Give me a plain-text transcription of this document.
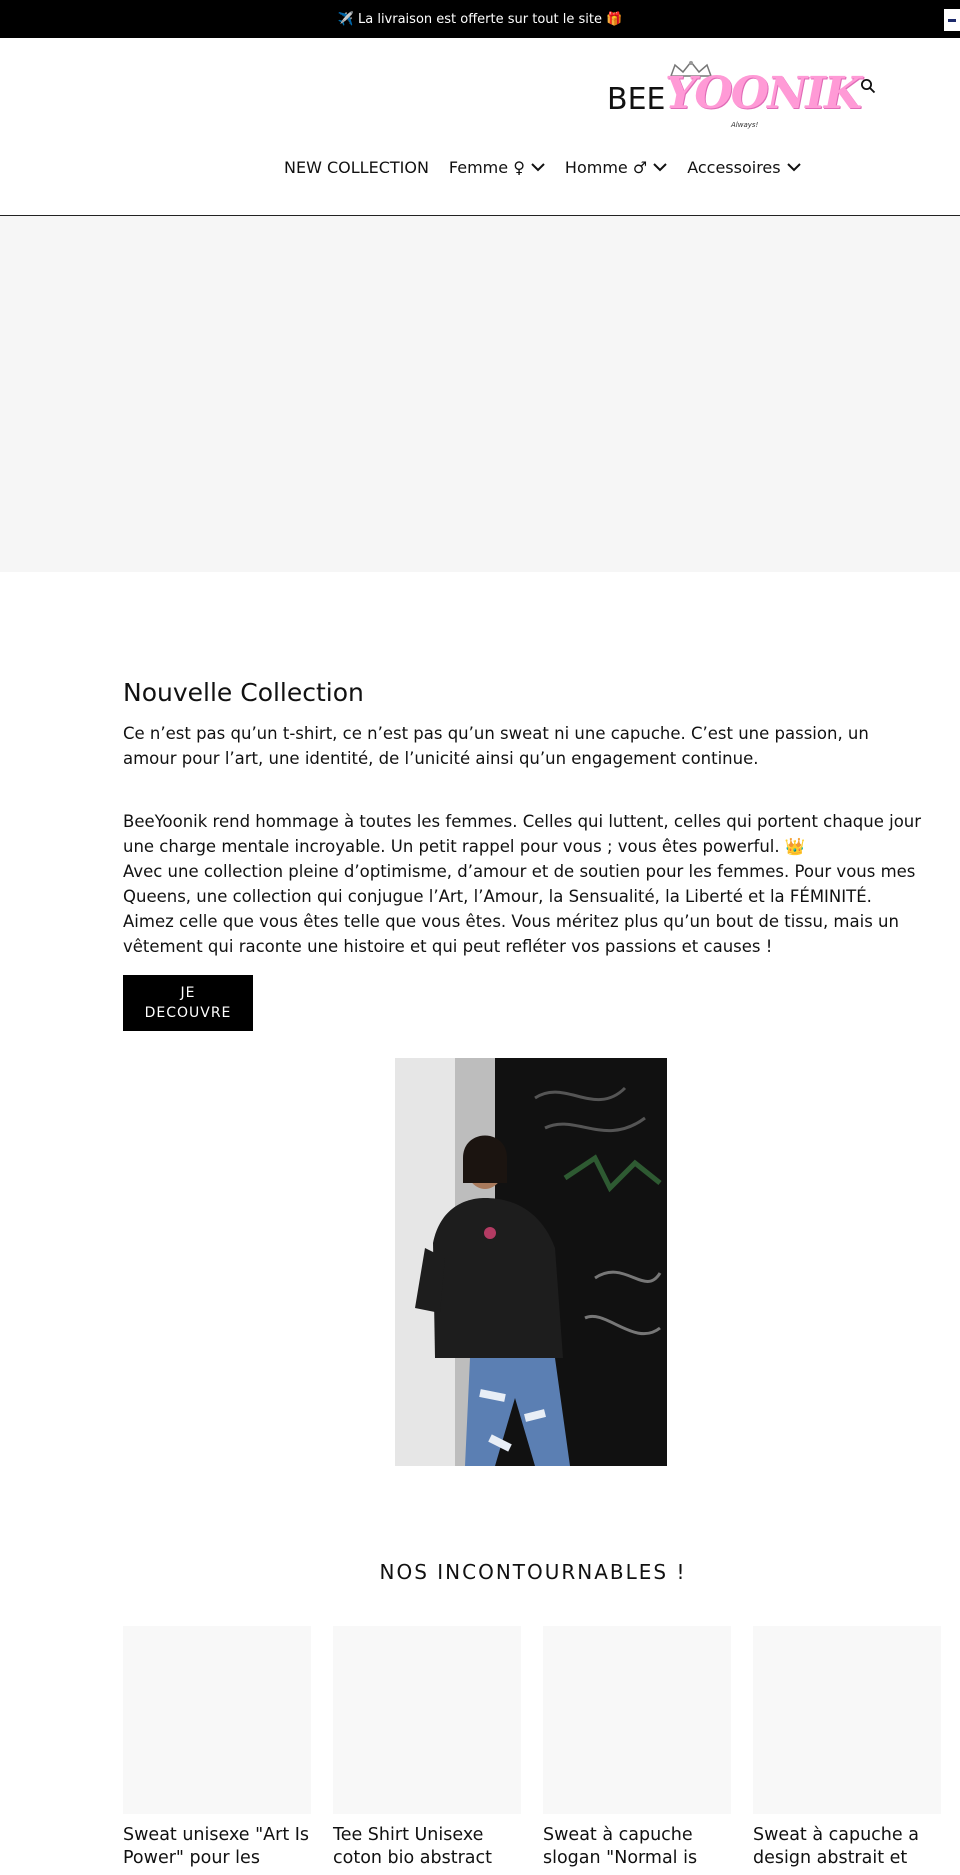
✈️ La livraison est offerte sur tout le site 🎁
BEE YOONIK
Always!
NEW COLLECTION Femme ♀	Homme ♂	Accessoires
Nouvelle Collection

Ce n’est pas qu’un t-shirt, ce n’est pas qu’un sweat ni une capuche. C’est une passion, un amour pour l’art, une identité, de l’unicité ainsi qu’un engagement continue.

BeeYoonik rend hommage à toutes les femmes. Celles qui luttent, celles qui portent chaque jour une charge mentale incroyable. Un petit rappel pour vous ; vous êtes powerful. 👑

Avec une collection pleine d’optimisme, d’amour et de soutien pour les femmes. Pour vous mes Queens, une collection qui conjugue l’Art, l’Amour, la Sensualité, la Liberté et la FÉMINITÉ.

Aimez celle que vous êtes telle que vous êtes. Vous méritez plus qu’un bout de tissu, mais un vêtement qui raconte une histoire et qui peut refléter vos passions et causes !

JE DECOUVRE
NOS INCONTOURNABLES !
Sweat unisexe "Art Is Power" pour les
Tee Shirt Unisexe coton bio abstract
Sweat à capuche slogan "Normal is
Sweat à capuche a design abstrait et
